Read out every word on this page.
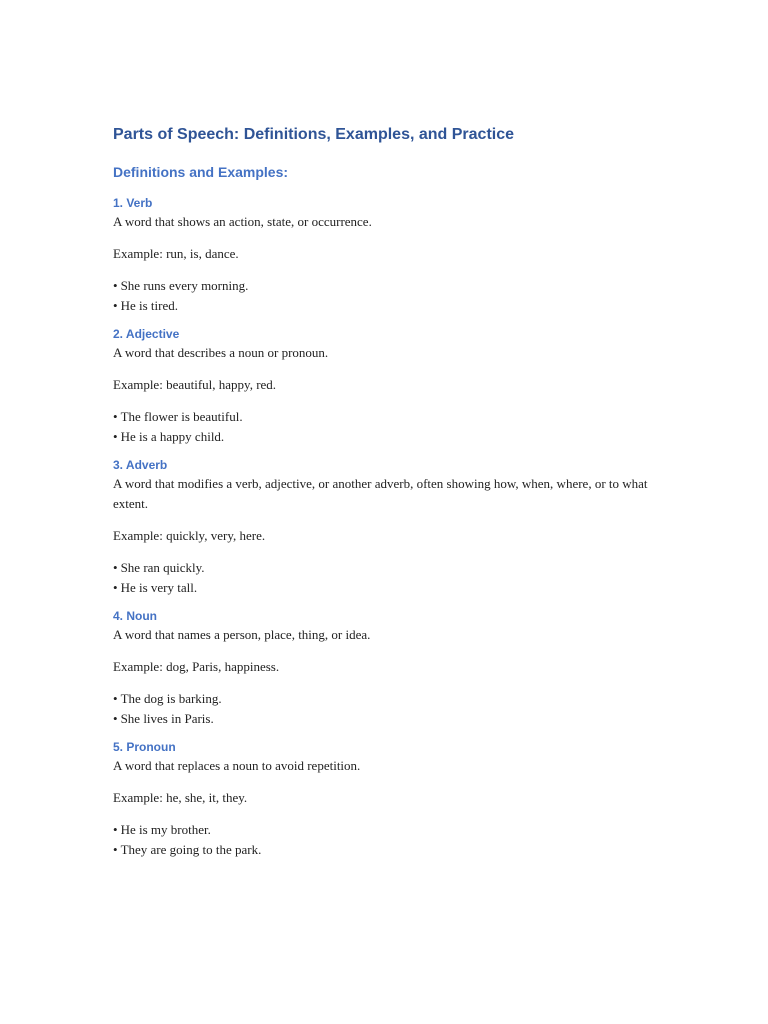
Parts of Speech: Definitions, Examples, and Practice
Definitions and Examples:
1. Verb

A word that shows an action, state, or occurrence.

Example: run, is, dance.

• She runs every morning.
• He is tired.
2. Adjective

A word that describes a noun or pronoun.

Example: beautiful, happy, red.

• The flower is beautiful.
• He is a happy child.
3. Adverb

A word that modifies a verb, adjective, or another adverb, often showing how, when, where, or to what extent.

Example: quickly, very, here.

• She ran quickly.
• He is very tall.
4. Noun

A word that names a person, place, thing, or idea.

Example: dog, Paris, happiness.

• The dog is barking.
• She lives in Paris.
5. Pronoun

A word that replaces a noun to avoid repetition.

Example: he, she, it, they.

• He is my brother.
• They are going to the park.
